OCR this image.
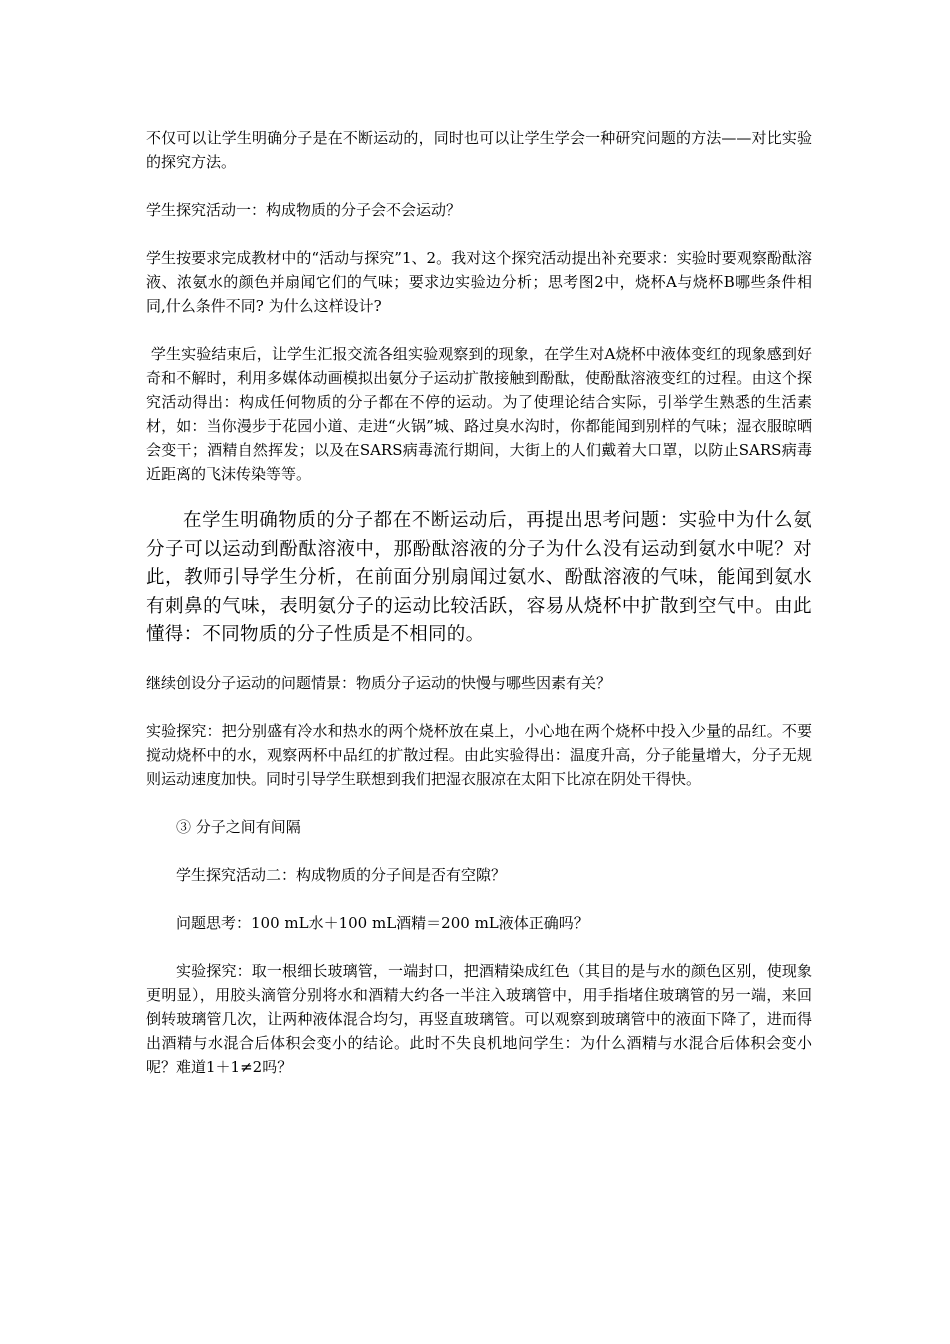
不仅可以让学生明确分子是在不断运动的，同时也可以让学生学会一种研究问题的方法——对比实验的探究方法。

学生探究活动一：构成物质的分子会不会运动？

学生按要求完成教材中的“活动与探究”1、2。我对这个探究活动提出补充要求：实验时要观察酚酞溶液、浓氨水的颜色并扇闻它们的气味；要求边实验边分析；思考图2中，烧杯A与烧杯B哪些条件相同,什么条件不同? 为什么这样设计?

学生实验结束后，让学生汇报交流各组实验观察到的现象，在学生对A烧杯中液体变红的现象感到好奇和不解时，利用多媒体动画模拟出氨分子运动扩散接触到酚酞，使酚酞溶液变红的过程。由这个探究活动得出：构成任何物质的分子都在不停的运动。为了使理论结合实际，引举学生熟悉的生活素材，如：当你漫步于花园小道、走进“火锅”城、路过臭水沟时，你都能闻到别样的气味；湿衣服晾晒会变干；酒精自然挥发；以及在SARS病毒流行期间，大街上的人们戴着大口罩，以防止SARS病毒近距离的飞沫传染等等。

在学生明确物质的分子都在不断运动后，再提出思考问题：实验中为什么氨分子可以运动到酚酞溶液中，那酚酞溶液的分子为什么没有运动到氨水中呢？对此，教师引导学生分析，在前面分别扇闻过氨水、酚酞溶液的气味，能闻到氨水有刺鼻的气味，表明氨分子的运动比较活跃，容易从烧杯中扩散到空气中。由此懂得：不同物质的分子性质是不相同的。

继续创设分子运动的问题情景：物质分子运动的快慢与哪些因素有关？

实验探究：把分别盛有冷水和热水的两个烧杯放在桌上，小心地在两个烧杯中投入少量的品红。不要搅动烧杯中的水，观察两杯中品红的扩散过程。由此实验得出：温度升高，分子能量增大，分子无规则运动速度加快。同时引导学生联想到我们把湿衣服凉在太阳下比凉在阴处干得快。

③ 分子之间有间隔

学生探究活动二：构成物质的分子间是否有空隙？

问题思考：100 mL水＋100 mL酒精＝200 mL液体正确吗？

实验探究：取一根细长玻璃管，一端封口，把酒精染成红色（其目的是与水的颜色区别，使现象更明显），用胶头滴管分别将水和酒精大约各一半注入玻璃管中，用手指堵住玻璃管的另一端，来回倒转玻璃管几次，让两种液体混合均匀，再竖直玻璃管。可以观察到玻璃管中的液面下降了，进而得出酒精与水混合后体积会变小的结论。此时不失良机地问学生：为什么酒精与水混合后体积会变小呢？难道1＋1≠2吗？
